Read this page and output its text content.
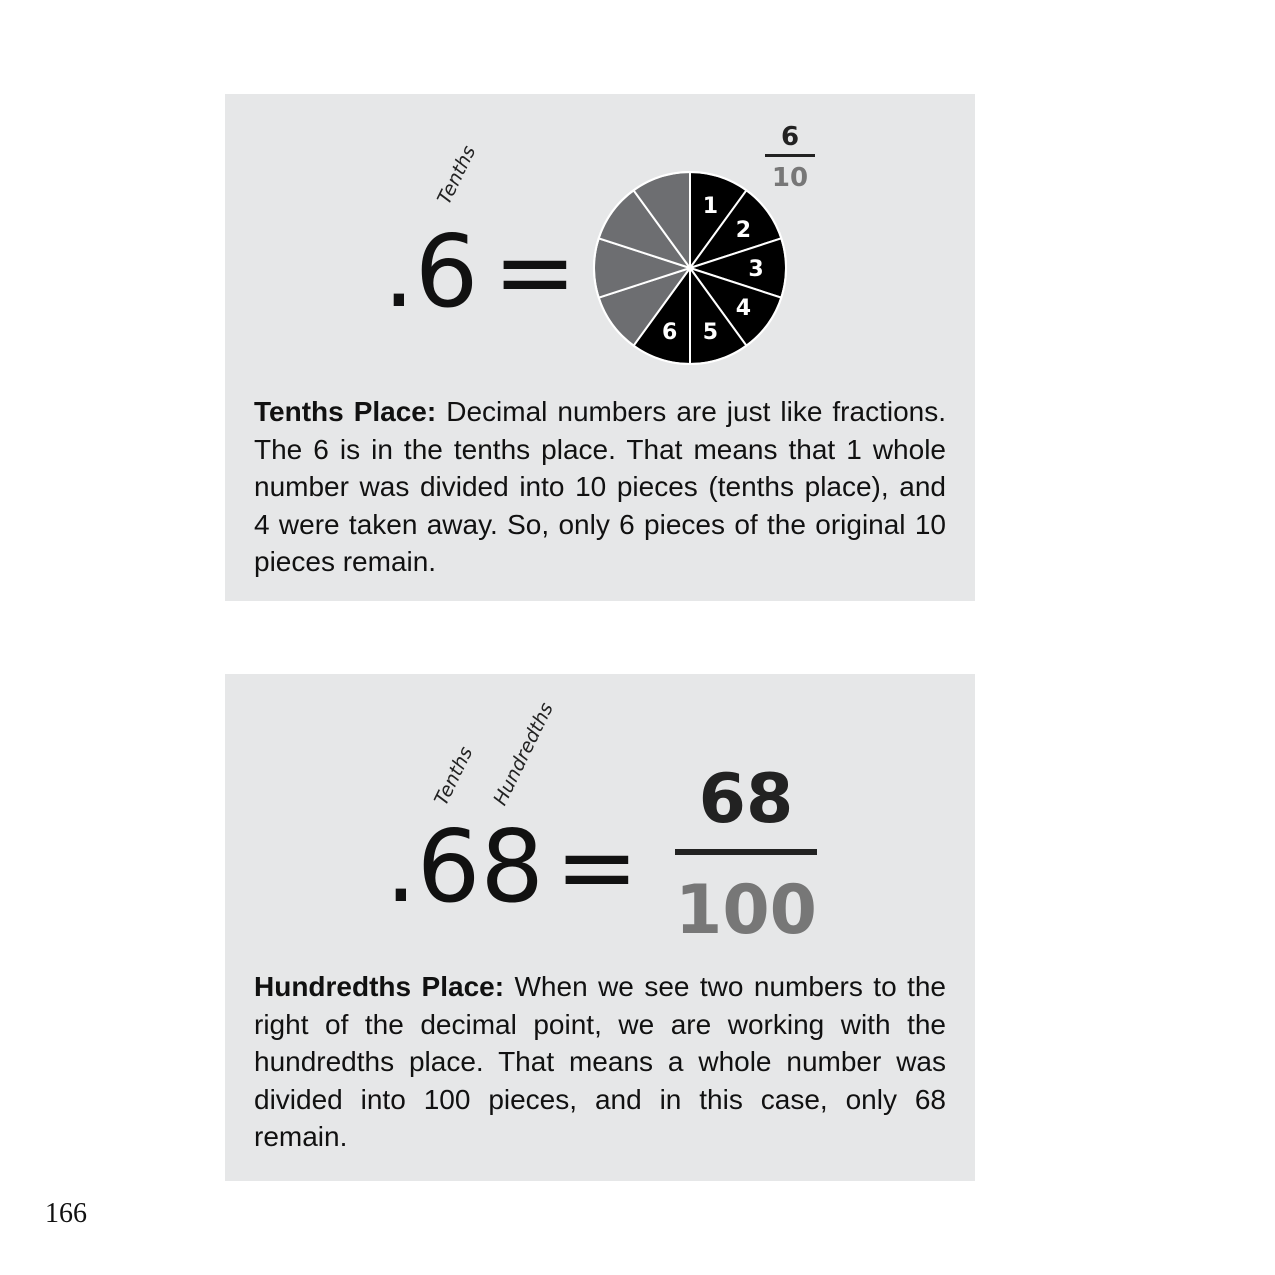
Tenths
.6 =
1
2
3
4
5
6
6
10
Tenths Place: Decimal numbers are just like fractions. The 6 is in the tenths place. That means that 1 whole number was divided into 10 pieces (tenths place), and 4 were taken away. So, only 6 pieces of the original 10 pieces remain.
Tenths Hundredths
.68 =
68
100
Hundredths Place: When we see two numbers to the right of the decimal point, we are working with the hundredths place. That means a whole number was divided into 100 pieces, and in this case, only 68 remain.
166
